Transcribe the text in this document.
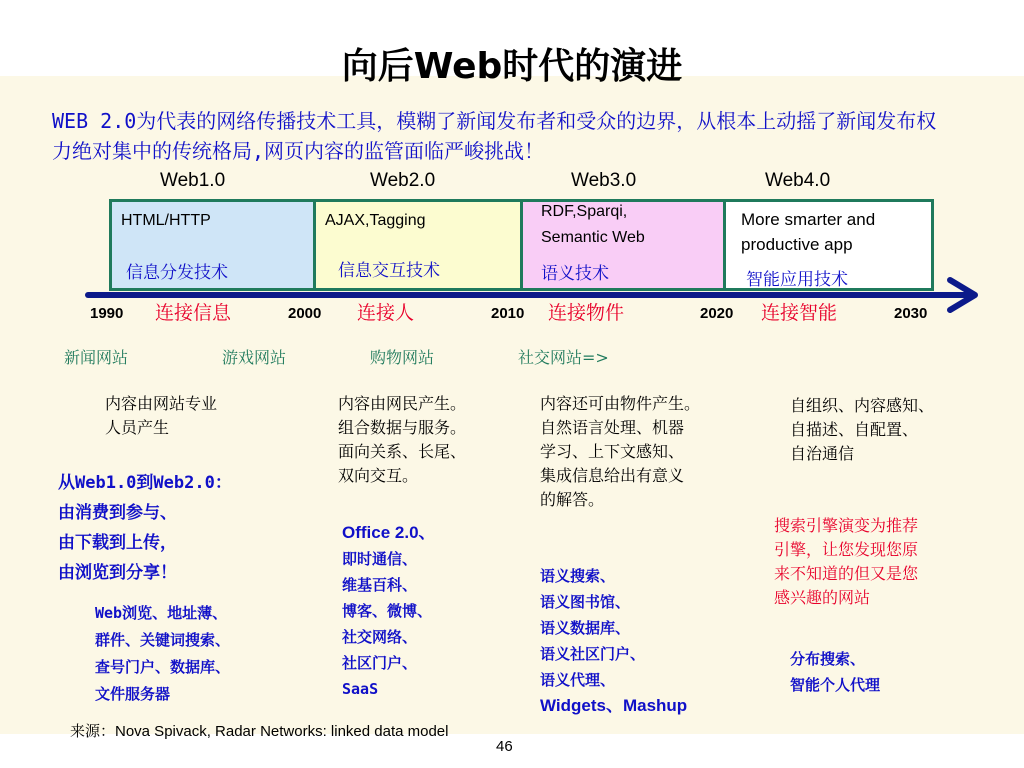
向后Web时代的演进
WEB 2.0为代表的网络传播技术工具，模糊了新闻发布者和受众的边界，从根本上动摇了新闻发布权力绝对集中的传统格局,网页内容的监管面临严峻挑战！
Web1.0	Web2.0	Web3.0	Web4.0
HTML/HTTP
信息分发技术
AJAX,Tagging
信息交互技术
RDF,Sparqi,
Semantic Web
语义技术
More smarter and
productive app
智能应用技术
1990	2000	2010	2020	2030
连接信息	连接人	连接物件	连接智能
新闻网站	游戏网站	购物网站	社交网站=>
内容由网站专业
人员产生
内容由网民产生。
组合数据与服务。
面向关系、长尾、
双向交互。
内容还可由物件产生。
自然语言处理、机器
学习、上下文感知、
集成信息给出有意义
的解答。
自组织、内容感知、
自描述、自配置、
自治通信
从Web1.0到Web2.0：
由消费到参与、
由下载到上传，
由浏览到分享！
Web浏览、地址薄、
群件、关键词搜索、
查号门户、数据库、
文件服务器
Office 2.0、
即时通信、
维基百科、
博客、微博、
社交网络、
社区门户、
SaaS
语义搜索、
语义图书馆、
语义数据库、
语义社区门户、
语义代理、
Widgets、Mashup
搜索引擎演变为推荐
引擎，让您发现您原
来不知道的但又是您
感兴趣的网站
分布搜索、
智能个人代理
来源：Nova Spivack, Radar Networks: linked data model
46
